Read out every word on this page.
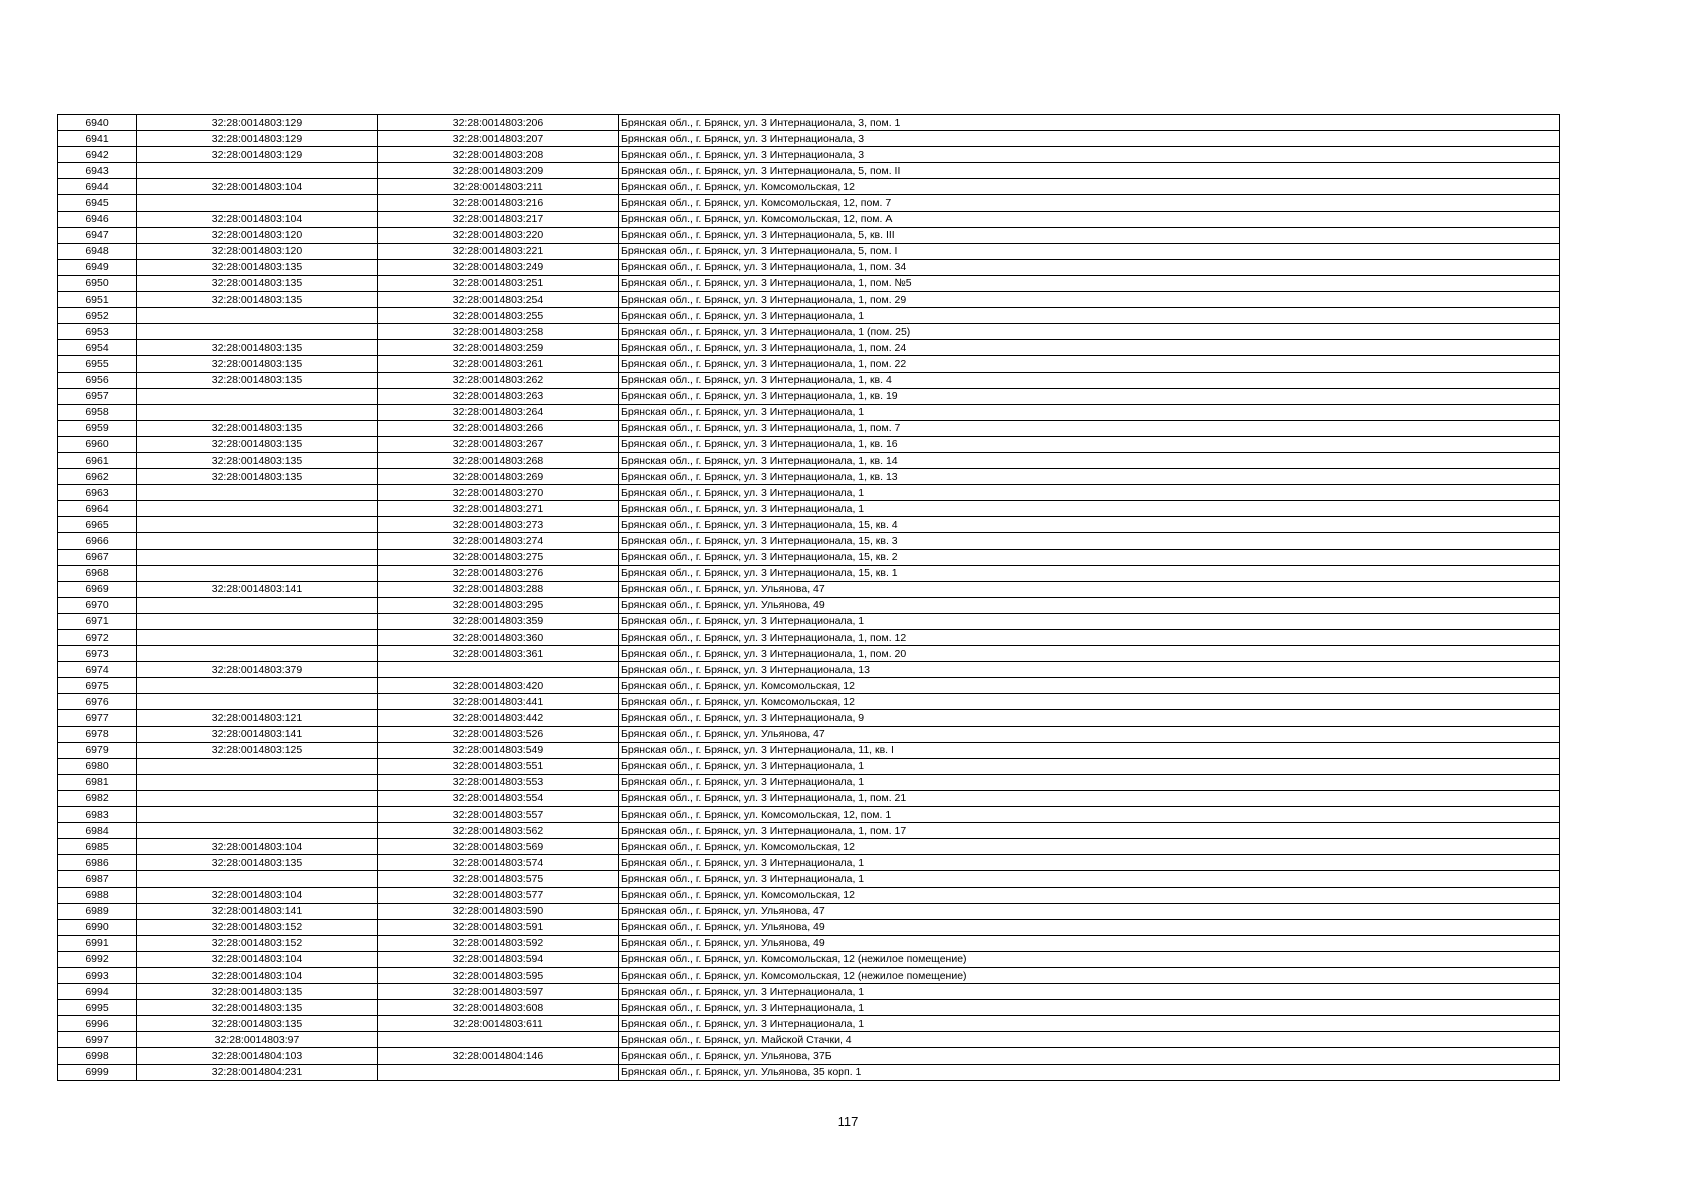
6940	32:28:0014803:129	32:28:0014803:206	Брянская обл., г. Брянск, ул. 3 Интернационала, 3, пом. 1
6941	32:28:0014803:129	32:28:0014803:207	Брянская обл., г. Брянск, ул. 3 Интернационала, 3
6942	32:28:0014803:129	32:28:0014803:208	Брянская обл., г. Брянск, ул. 3 Интернационала, 3
6943		32:28:0014803:209	Брянская обл., г. Брянск, ул. 3 Интернационала, 5, пом. II
6944	32:28:0014803:104	32:28:0014803:211	Брянская обл., г. Брянск, ул. Комсомольская, 12
6945		32:28:0014803:216	Брянская обл., г. Брянск, ул. Комсомольская, 12, пом. 7
6946	32:28:0014803:104	32:28:0014803:217	Брянская обл., г. Брянск, ул. Комсомольская, 12, пом. А
6947	32:28:0014803:120	32:28:0014803:220	Брянская обл., г. Брянск, ул. 3 Интернационала, 5, кв. III
6948	32:28:0014803:120	32:28:0014803:221	Брянская обл., г. Брянск, ул. 3 Интернационала, 5, пом. I
6949	32:28:0014803:135	32:28:0014803:249	Брянская обл., г. Брянск, ул. 3 Интернационала, 1, пом. 34
6950	32:28:0014803:135	32:28:0014803:251	Брянская обл., г. Брянск, ул. 3 Интернационала, 1, пом. №5
6951	32:28:0014803:135	32:28:0014803:254	Брянская обл., г. Брянск, ул. 3 Интернационала, 1, пом. 29
6952		32:28:0014803:255	Брянская обл., г. Брянск, ул. 3 Интернационала, 1
6953		32:28:0014803:258	Брянская обл., г. Брянск, ул. 3 Интернационала, 1 (пом. 25)
6954	32:28:0014803:135	32:28:0014803:259	Брянская обл., г. Брянск, ул. 3 Интернационала, 1, пом. 24
6955	32:28:0014803:135	32:28:0014803:261	Брянская обл., г. Брянск, ул. 3 Интернационала, 1, пом. 22
6956	32:28:0014803:135	32:28:0014803:262	Брянская обл., г. Брянск, ул. 3 Интернационала, 1, кв. 4
6957		32:28:0014803:263	Брянская обл., г. Брянск, ул. 3 Интернационала, 1, кв. 19
6958		32:28:0014803:264	Брянская обл., г. Брянск, ул. 3 Интернационала, 1
6959	32:28:0014803:135	32:28:0014803:266	Брянская обл., г. Брянск, ул. 3 Интернационала, 1, пом. 7
6960	32:28:0014803:135	32:28:0014803:267	Брянская обл., г. Брянск, ул. 3 Интернационала, 1, кв. 16
6961	32:28:0014803:135	32:28:0014803:268	Брянская обл., г. Брянск, ул. 3 Интернационала, 1, кв. 14
6962	32:28:0014803:135	32:28:0014803:269	Брянская обл., г. Брянск, ул. 3 Интернационала, 1, кв. 13
6963		32:28:0014803:270	Брянская обл., г. Брянск, ул. 3 Интернационала, 1
6964		32:28:0014803:271	Брянская обл., г. Брянск, ул. 3 Интернационала, 1
6965		32:28:0014803:273	Брянская обл., г. Брянск, ул. 3 Интернационала, 15, кв. 4
6966		32:28:0014803:274	Брянская обл., г. Брянск, ул. 3 Интернационала, 15, кв. 3
6967		32:28:0014803:275	Брянская обл., г. Брянск, ул. 3 Интернационала, 15, кв. 2
6968		32:28:0014803:276	Брянская обл., г. Брянск, ул. 3 Интернационала, 15, кв. 1
6969	32:28:0014803:141	32:28:0014803:288	Брянская обл., г. Брянск, ул. Ульянова, 47
6970		32:28:0014803:295	Брянская обл., г. Брянск, ул. Ульянова, 49
6971		32:28:0014803:359	Брянская обл., г. Брянск, ул. 3 Интернационала, 1
6972		32:28:0014803:360	Брянская обл., г. Брянск, ул. 3 Интернационала, 1, пом. 12
6973		32:28:0014803:361	Брянская обл., г. Брянск, ул. 3 Интернационала, 1, пом. 20
6974	32:28:0014803:379		Брянская обл., г. Брянск, ул. 3 Интернационала, 13
6975		32:28:0014803:420	Брянская обл., г. Брянск, ул. Комсомольская, 12
6976		32:28:0014803:441	Брянская обл., г. Брянск, ул. Комсомольская, 12
6977	32:28:0014803:121	32:28:0014803:442	Брянская обл., г. Брянск, ул. 3 Интернационала, 9
6978	32:28:0014803:141	32:28:0014803:526	Брянская обл., г. Брянск, ул. Ульянова, 47
6979	32:28:0014803:125	32:28:0014803:549	Брянская обл., г. Брянск, ул. 3 Интернационала, 11, кв. I
6980		32:28:0014803:551	Брянская обл., г. Брянск, ул. 3 Интернационала, 1
6981		32:28:0014803:553	Брянская обл., г. Брянск, ул. 3 Интернационала, 1
6982		32:28:0014803:554	Брянская обл., г. Брянск, ул. 3 Интернационала, 1, пом. 21
6983		32:28:0014803:557	Брянская обл., г. Брянск, ул. Комсомольская, 12, пом. 1
6984		32:28:0014803:562	Брянская обл., г. Брянск, ул. 3 Интернационала, 1, пом. 17
6985	32:28:0014803:104	32:28:0014803:569	Брянская обл., г. Брянск, ул. Комсомольская, 12
6986	32:28:0014803:135	32:28:0014803:574	Брянская обл., г. Брянск, ул. 3 Интернационала, 1
6987		32:28:0014803:575	Брянская обл., г. Брянск, ул. 3 Интернационала, 1
6988	32:28:0014803:104	32:28:0014803:577	Брянская обл., г. Брянск, ул. Комсомольская, 12
6989	32:28:0014803:141	32:28:0014803:590	Брянская обл., г. Брянск, ул. Ульянова, 47
6990	32:28:0014803:152	32:28:0014803:591	Брянская обл., г. Брянск, ул. Ульянова, 49
6991	32:28:0014803:152	32:28:0014803:592	Брянская обл., г. Брянск, ул. Ульянова, 49
6992	32:28:0014803:104	32:28:0014803:594	Брянская обл., г. Брянск, ул. Комсомольская, 12 (нежилое помещение)
6993	32:28:0014803:104	32:28:0014803:595	Брянская обл., г. Брянск, ул. Комсомольская, 12 (нежилое помещение)
6994	32:28:0014803:135	32:28:0014803:597	Брянская обл., г. Брянск, ул. 3 Интернационала, 1
6995	32:28:0014803:135	32:28:0014803:608	Брянская обл., г. Брянск, ул. 3 Интернационала, 1
6996	32:28:0014803:135	32:28:0014803:611	Брянская обл., г. Брянск, ул. 3 Интернационала, 1
6997	32:28:0014803:97		Брянская обл., г. Брянск, ул. Майской Стачки, 4
6998	32:28:0014804:103	32:28:0014804:146	Брянская обл., г. Брянск, ул. Ульянова, 37Б
6999	32:28:0014804:231		Брянская обл., г. Брянск, ул. Ульянова, 35 корп. 1
117
